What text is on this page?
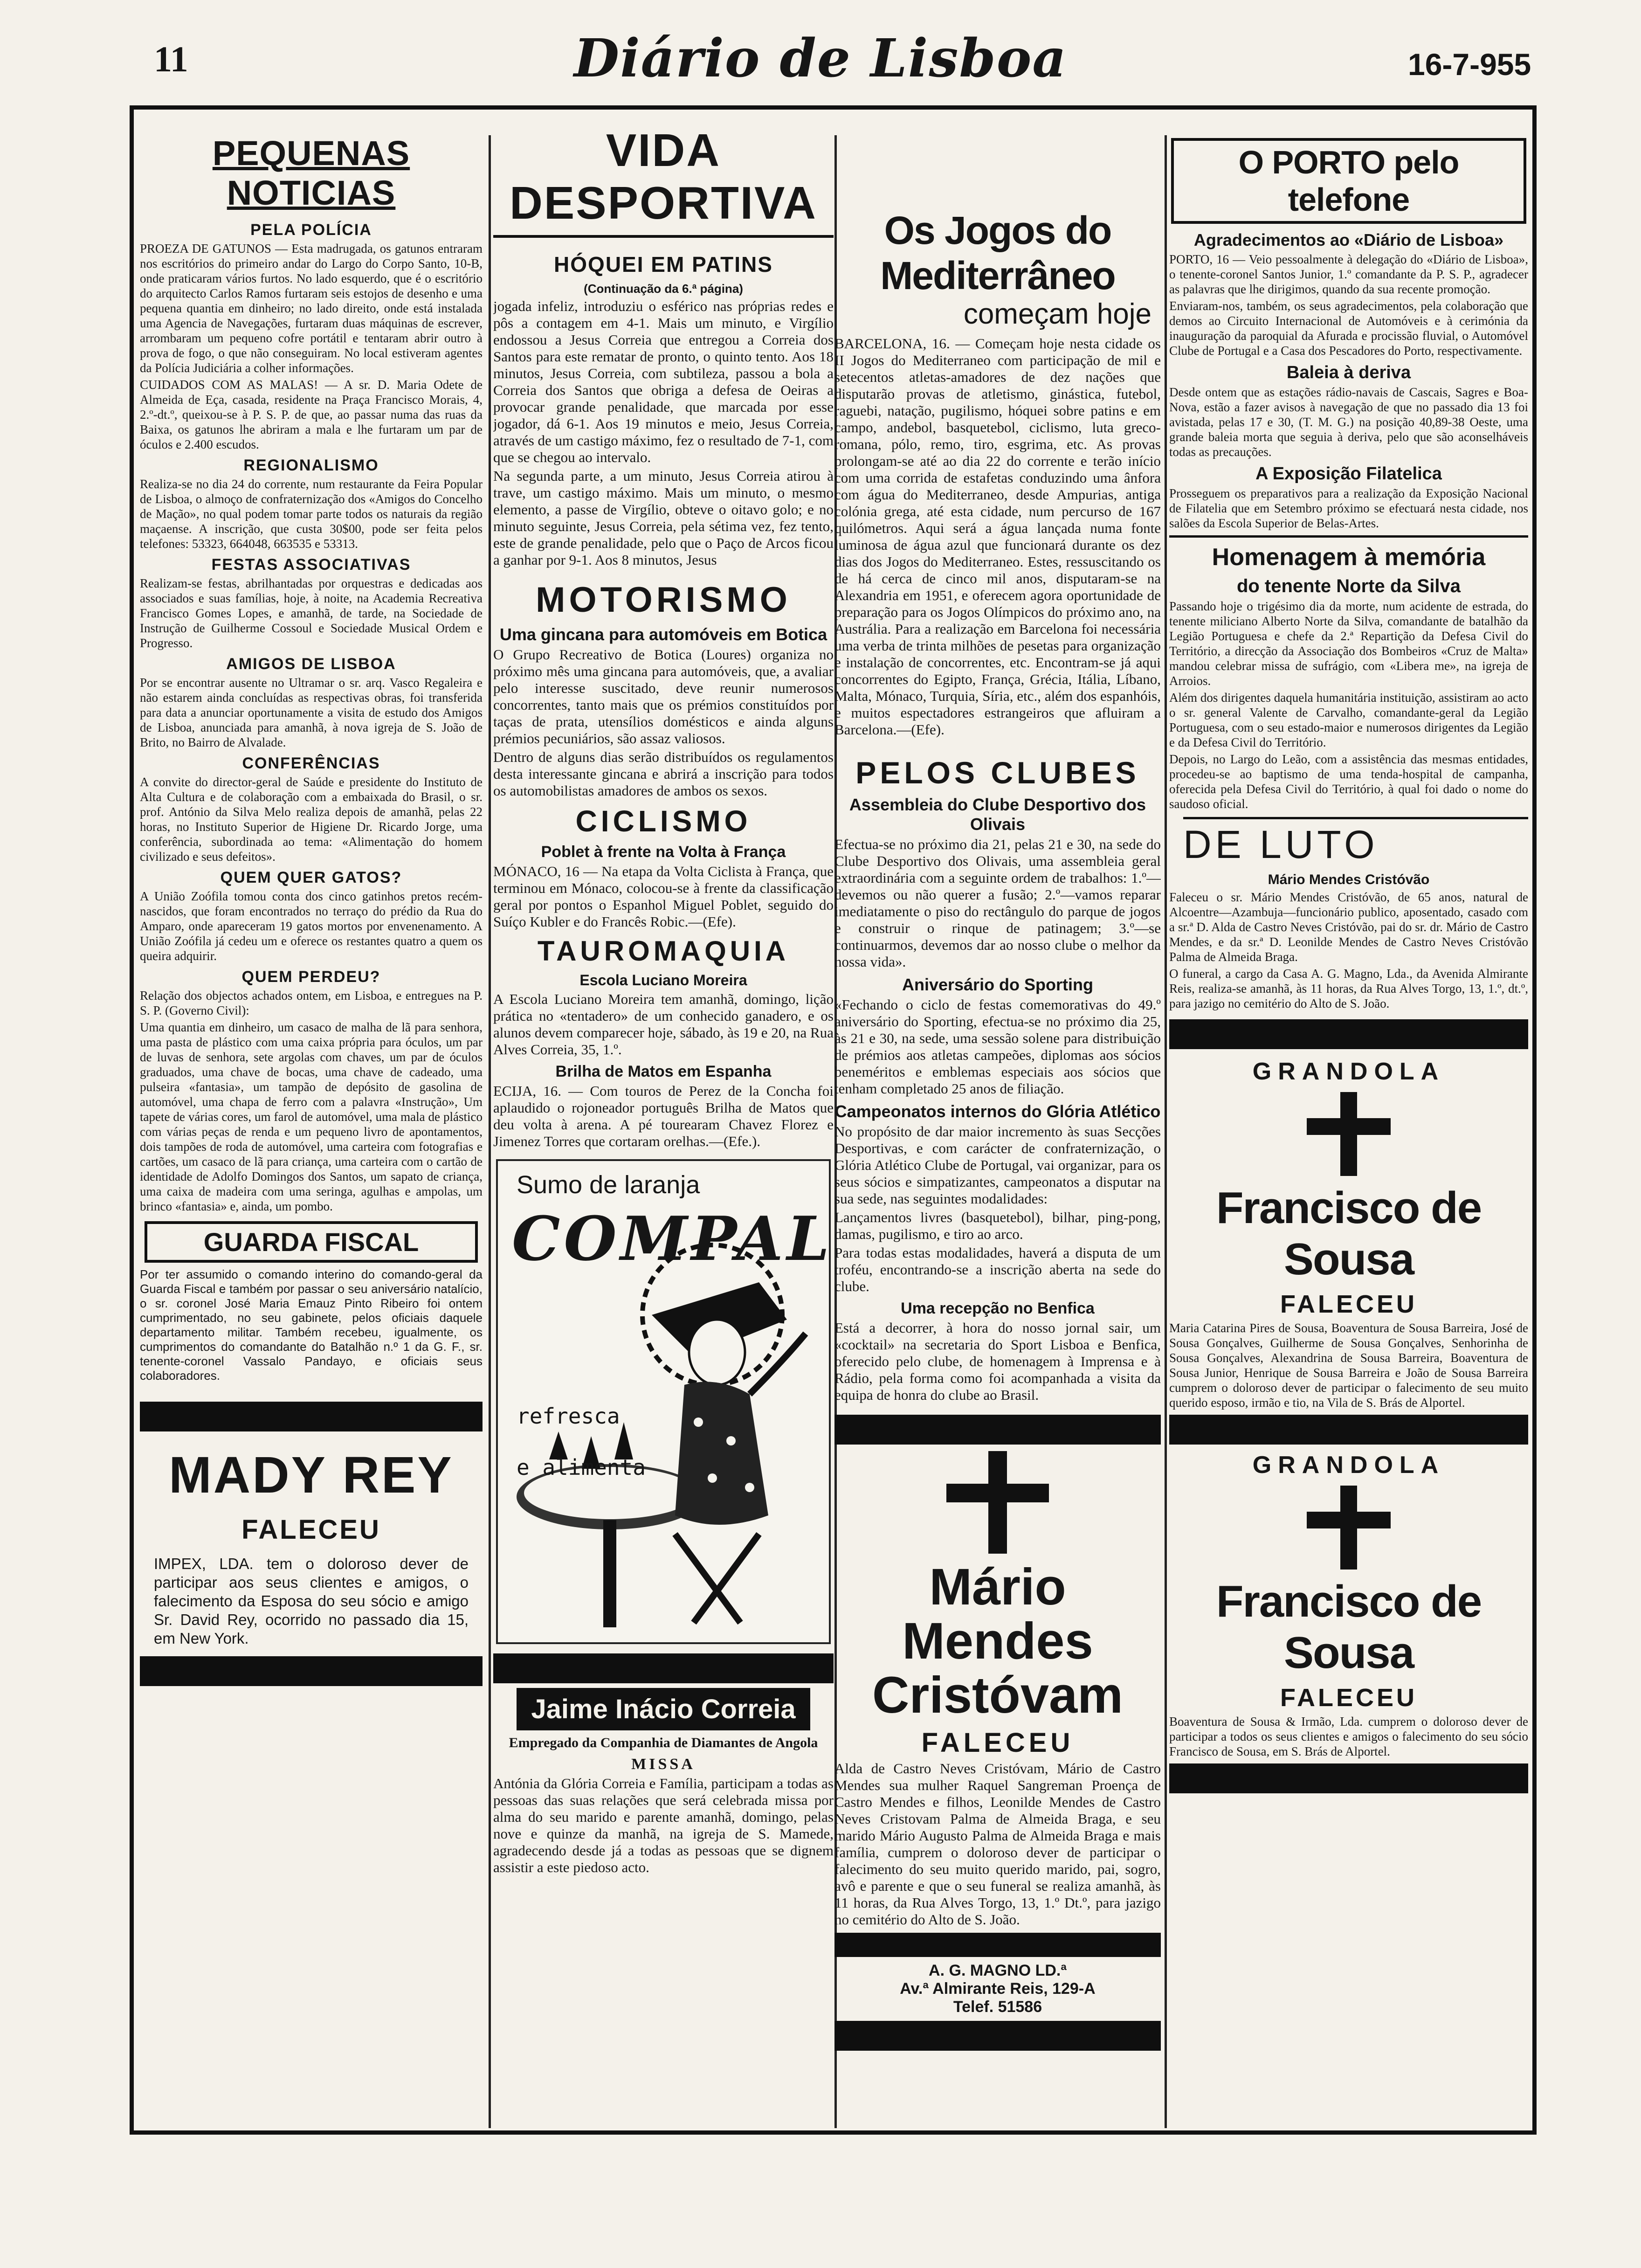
11	Diário de Lisboa	16-7-955
PEQUENAS NOTICIAS
PELA POLÍCIA

PROEZA DE GATUNOS — Esta madrugada, os gatunos entraram nos escritórios do primeiro andar do Largo do Corpo Santo, 10-B, onde praticaram vários furtos. No lado esquerdo, que é o escritório do arquitecto Carlos Ramos furtaram seis estojos de desenho e uma pequena quantia em dinheiro; no lado direito, onde está instalada uma Agencia de Navegações, furtaram duas máquinas de escrever, arrombaram um pequeno cofre portátil e tentaram abrir outro à prova de fogo, o que não conseguiram. No local estiveram agentes da Polícia Judiciária a colher informações.

CUIDADOS COM AS MALAS! — A sr. D. Maria Odete de Almeida de Eça, casada, residente na Praça Francisco Morais, 4, 2.º-dt.º, queixou-se à P. S. P. de que, ao passar numa das ruas da Baixa, os gatunos lhe abriram a mala e lhe furtaram um par de óculos e 2.400 escudos.

REGIONALISMO

Realiza-se no dia 24 do corrente, num restaurante da Feira Popular de Lisboa, o almoço de confraternização dos «Amigos do Concelho de Mação», no qual podem tomar parte todos os naturais da região maçaense. A inscrição, que custa 30$00, pode ser feita pelos telefones: 53323, 664048, 663535 e 53313.

FESTAS ASSOCIATIVAS

Realizam-se festas, abrilhantadas por orquestras e dedicadas aos associados e suas famílias, hoje, à noite, na Academia Recreativa Francisco Gomes Lopes, e amanhã, de tarde, na Sociedade de Instrução de Guilherme Cossoul e Sociedade Musical Ordem e Progresso.

AMIGOS DE LISBOA

Por se encontrar ausente no Ultramar o sr. arq. Vasco Regaleira e não estarem ainda concluídas as respectivas obras, foi transferida para data a anunciar oportunamente a visita de estudo dos Amigos de Lisboa, anunciada para amanhã, à nova igreja de S. João de Brito, no Bairro de Alvalade.

CONFERÊNCIAS

A convite do director-geral de Saúde e presidente do Instituto de Alta Cultura e de colaboração com a embaixada do Brasil, o sr. prof. António da Silva Melo realiza depois de amanhã, pelas 22 horas, no Instituto Superior de Higiene Dr. Ricardo Jorge, uma conferência, subordinada ao tema: «Alimentação do homem civilizado e seus defeitos».

QUEM QUER GATOS?

A União Zoófila tomou conta dos cinco gatinhos pretos recém-nascidos, que foram encontrados no terraço do prédio da Rua do Amparo, onde apareceram 19 gatos mortos por envenenamento. A União Zoófila já cedeu um e oferece os restantes quatro a quem os queira adquirir.

QUEM PERDEU?

Relação dos objectos achados ontem, em Lisboa, e entregues na P. S. P. (Governo Civil):

Uma quantia em dinheiro, um casaco de malha de lã para senhora, uma pasta de plástico com uma caixa própria para óculos, um par de luvas de senhora, sete argolas com chaves, um par de óculos graduados, uma chave de bocas, uma chave de cadeado, uma pulseira «fantasia», um tampão de depósito de gasolina de automóvel, uma chapa de ferro com a palavra «Instrução», Um tapete de várias cores, um farol de automóvel, uma mala de plástico com várias peças de renda e um pequeno livro de apontamentos, dois tampões de roda de automóvel, uma carteira com fotografias e cartões, um casaco de lã para criança, uma carteira com o cartão de identidade de Adolfo Domingos dos Santos, um sapato de criança, uma caixa de madeira com uma seringa, agulhas e ampolas, um brinco «fantasia» e, ainda, um pombo.

GUARDA FISCAL

Por ter assumido o comando interino do comando-geral da Guarda Fiscal e também por passar o seu aniversário natalício, o sr. coronel José Maria Emauz Pinto Ribeiro foi ontem cumprimentado, no seu gabinete, pelos oficiais daquele departamento militar. Também recebeu, igualmente, os cumprimentos do comandante do Batalhão n.º 1 da G. F., sr. tenente-coronel Vassalo Pandayo, e oficiais seus colaboradores.

MADY REY
FALECEU

IMPEX, LDA. tem o doloroso dever de participar aos seus clientes e amigos, o falecimento da Esposa do seu sócio e amigo Sr. David Rey, ocorrido no passado dia 15, em New York.

VIDA DESPORTIVA
HÓQUEI EM PATINS
(Continuação da 6.ª página)

jogada infeliz, introduziu o esférico nas próprias redes e pôs a contagem em 4-1. Mais um minuto, e Virgílio endossou a Jesus Correia que entregou a Correia dos Santos para este rematar de pronto, o quinto tento. Aos 18 minutos, Jesus Correia, com subtileza, passou a bola a Correia dos Santos que obriga a defesa de Oeiras a provocar grande penalidade, que marcada por esse jogador, dá 6-1. Aos 19 minutos e meio, Jesus Correia, através de um castigo máximo, fez o resultado de 7-1, com que se chegou ao intervalo.

Na segunda parte, a um minuto, Jesus Correia atirou à trave, um castigo máximo. Mais um minuto, o mesmo elemento, a passe de Virgílio, obteve o oitavo golo; e no minuto seguinte, Jesus Correia, pela sétima vez, fez tento, este de grande penalidade, pelo que o Paço de Arcos ficou a ganhar por 9-1. Aos 8 minutos, Jesus

MOTORISMO
Uma gincana para automóveis em Botica

O Grupo Recreativo de Botica (Loures) organiza no próximo mês uma gincana para automóveis, que, a avaliar pelo interesse suscitado, deve reunir numerosos concorrentes, tanto mais que os prémios constituídos por taças de prata, utensílios domésticos e ainda alguns prémios pecuniários, são assaz valiosos.

Dentro de alguns dias serão distribuídos os regulamentos desta interessante gincana e abrirá a inscrição para todos os automobilistas amadores de ambos os sexos.

CICLISMO
Poblet à frente na Volta à França

MÓNACO, 16 — Na etapa da Volta Ciclista à França, que terminou em Mónaco, colocou-se à frente da classificação geral por pontos o Espanhol Miguel Poblet, seguido do Suíço Kubler e do Francês Robic.—(Efe).

TAUROMAQUIA
Escola Luciano Moreira

A Escola Luciano Moreira tem amanhã, domingo, lição prática no «tentadero» de um conhecido ganadero, e os alunos devem comparecer hoje, sábado, às 19 e 20, na Rua Alves Correia, 35, 1.º.

Brilha de Matos em Espanha

ECIJA, 16. — Com touros de Perez de la Concha foi aplaudido o rojoneador português Brilha de Matos que deu volta à arena. A pé tourearam Chavez Florez e Jimenez Torres que cortaram orelhas.—(Efe.).

Sumo de laranja
COMPAL
refresca
e alimenta
Jaime Inácio Correia
Empregado da Companhia de Diamantes de Angola
MISSA

Antónia da Glória Correia e Família, participam a todas as pessoas das suas relações que será celebrada missa por alma do seu marido e parente amanhã, domingo, pelas nove e quinze da manhã, na igreja de S. Mamede, agradecendo desde já a todas as pessoas que se dignem assistir a este piedoso acto.

Os Jogos do Mediterrâneo
começam hoje

BARCELONA, 16. — Começam hoje nesta cidade os II Jogos do Mediterraneo com participação de mil e setecentos atletas-amadores de dez nações que disputarão provas de atletismo, ginástica, futebol, raguebi, natação, pugilismo, hóquei sobre patins e em campo, andebol, basquetebol, ciclismo, luta greco-romana, pólo, remo, tiro, esgrima, etc. As provas prolongam-se até ao dia 22 do corrente e terão início com uma corrida de estafetas conduzindo uma ânfora com água do Mediterraneo, desde Ampurias, antiga colónia grega, até esta cidade, num percurso de 167 quilómetros. Aqui será a água lançada numa fonte luminosa de água azul que funcionará durante os dez dias dos Jogos do Mediterraneo. Estes, ressuscitando os de há cerca de cinco mil anos, disputaram-se na Alexandria em 1951, e oferecem agora oportunidade de preparação para os Jogos Olímpicos do próximo ano, na Austrália. Para a realização em Barcelona foi necessária uma verba de trinta milhões de pesetas para organização e instalação de concorrentes, etc. Encontram-se já aqui concorrentes do Egipto, França, Grécia, Itália, Líbano, Malta, Mónaco, Turquia, Síria, etc., além dos espanhóis, e muitos espectadores estrangeiros que afluiram a Barcelona.—(Efe).

PELOS CLUBES
Assembleia do Clube Desportivo dos Olivais

Efectua-se no próximo dia 21, pelas 21 e 30, na sede do Clube Desportivo dos Olivais, uma assembleia geral extraordinária com a seguinte ordem de trabalhos: 1.º—devemos ou não querer a fusão; 2.º—vamos reparar imediatamente o piso do rectângulo do parque de jogos e construir o rinque de patinagem; 3.º—se continuarmos, devemos dar ao nosso clube o melhor da nossa vida».

Aniversário do Sporting

«Fechando o ciclo de festas comemorativas do 49.º aniversário do Sporting, efectua-se no próximo dia 25, às 21 e 30, na sede, uma sessão solene para distribuição de prémios aos atletas campeões, diplomas aos sócios beneméritos e emblemas especiais aos sócios que tenham completado 25 anos de filiação.

Campeonatos internos do Glória Atlético

No propósito de dar maior incremento às suas Secções Desportivas, e com carácter de confraternização, o Glória Atlético Clube de Portugal, vai organizar, para os seus sócios e simpatizantes, campeonatos a disputar na sua sede, nas seguintes modalidades:

Lançamentos livres (basquetebol), bilhar, ping-pong, damas, pugilismo, e tiro ao arco.

Para todas estas modalidades, haverá a disputa de um troféu, encontrando-se a inscrição aberta na sede do clube.

Uma recepção no Benfica

Está a decorrer, à hora do nosso jornal sair, um «cocktail» na secretaria do Sport Lisboa e Benfica, oferecido pelo clube, de homenagem à Imprensa e à Rádio, pela forma como foi acompanhada a visita da equipa de honra do clube ao Brasil.

Mário Mendes
Cristóvam
FALECEU

Alda de Castro Neves Cristóvam, Mário de Castro Mendes sua mulher Raquel Sangreman Proença de Castro Mendes e filhos, Leonilde Mendes de Castro Neves Cristovam Palma de Almeida Braga, e seu marido Mário Augusto Palma de Almeida Braga e mais família, cumprem o doloroso dever de participar o falecimento do seu muito querido marido, pai, sogro, avô e parente e que o seu funeral se realiza amanhã, às 11 horas, da Rua Alves Torgo, 13, 1.º Dt.º, para jazigo no cemitério do Alto de S. João.

A. G. MAGNO LD.ª
Av.ª Almirante Reis, 129-A
Telef. 51586
O PORTO pelo telefone
Agradecimentos ao «Diário de Lisboa»

PORTO, 16 — Veio pessoalmente à delegação do «Diário de Lisboa», o tenente-coronel Santos Junior, 1.º comandante da P. S. P., agradecer as palavras que lhe dirigimos, quando da sua recente promoção.

Enviaram-nos, também, os seus agradecimentos, pela colaboração que demos ao Circuito Internacional de Automóveis e à cerimónia da inauguração da paroquial da Afurada e procissão fluvial, o Automóvel Clube de Portugal e a Casa dos Pescadores do Porto, respectivamente.

Baleia à deriva

Desde ontem que as estações rádio-navais de Cascais, Sagres e Boa-Nova, estão a fazer avisos à navegação de que no passado dia 13 foi avistada, pelas 17 e 30, (T. M. G.) na posição 40,89-38 Oeste, uma grande baleia morta que seguia à deriva, pelo que são aconselháveis todas as precauções.

A Exposição Filatelica

Prosseguem os preparativos para a realização da Exposição Nacional de Filatelia que em Setembro próximo se efectuará nesta cidade, nos salões da Escola Superior de Belas-Artes.

Homenagem à memória
do tenente Norte da Silva

Passando hoje o trigésimo dia da morte, num acidente de estrada, do tenente miliciano Alberto Norte da Silva, comandante de batalhão da Legião Portuguesa e chefe da 2.ª Repartição da Defesa Civil do Território, a direcção da Associação dos Bombeiros «Cruz de Malta» mandou celebrar missa de sufrágio, com «Libera me», na igreja de Arroios.

Além dos dirigentes daquela humanitária instituição, assistiram ao acto o sr. general Valente de Carvalho, comandante-geral da Legião Portuguesa, com o seu estado-maior e numerosos dirigentes da Legião e da Defesa Civil do Território.

Depois, no Largo do Leão, com a assistência das mesmas entidades, procedeu-se ao baptismo de uma tenda-hospital de campanha, oferecida pela Defesa Civil do Território, à qual foi dado o nome do saudoso oficial.

DE LUTO
Mário Mendes Cristóvão

Faleceu o sr. Mário Mendes Cristóvão, de 65 anos, natural de Alcoentre—Azambuja—funcionário publico, aposentado, casado com a sr.ª D. Alda de Castro Neves Cristóvão, pai do sr. dr. Mário de Castro Mendes, e da sr.ª D. Leonilde Mendes de Castro Neves Cristóvão Palma de Almeida Braga.

O funeral, a cargo da Casa A. G. Magno, Lda., da Avenida Almirante Reis, realiza-se amanhã, às 11 horas, da Rua Alves Torgo, 13, 1.º, dt.º, para jazigo no cemitério do Alto de S. João.

GRANDOLA
Francisco de Sousa
FALECEU

Maria Catarina Pires de Sousa, Boaventura de Sousa Barreira, José de Sousa Gonçalves, Guilherme de Sousa Gonçalves, Senhorinha de Sousa Gonçalves, Alexandrina de Sousa Barreira, Boaventura de Sousa Junior, Henrique de Sousa Barreira e João de Sousa Barreira cumprem o doloroso dever de participar o falecimento de seu muito querido esposo, irmão e tio, na Vila de S. Brás de Alportel.

GRANDOLA
Francisco de Sousa
FALECEU

Boaventura de Sousa & Irmão, Lda. cumprem o doloroso dever de participar a todos os seus clientes e amigos o falecimento do seu sócio Francisco de Sousa, em S. Brás de Alportel.
